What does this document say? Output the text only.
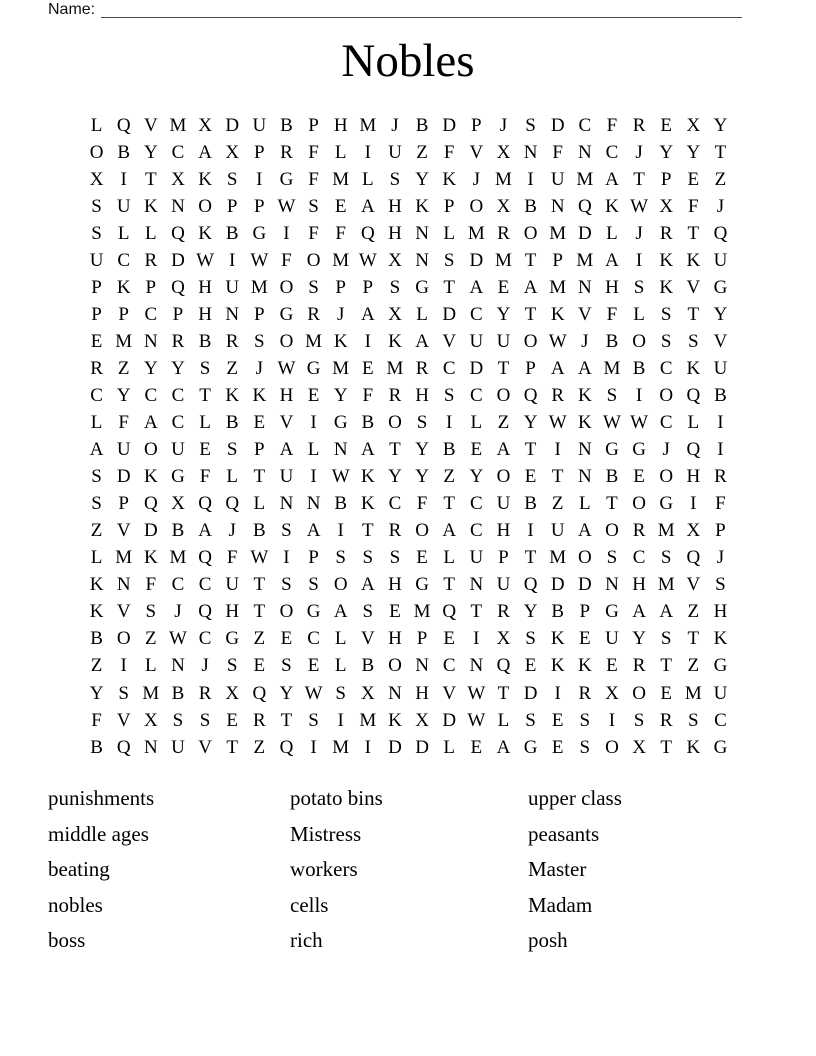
Name:
Nobles
L Q V M X D U B P H M J B D P J S D C F R E X Y
O B Y C A X P R F L I U Z F V X N F N C J Y Y T
X I T X K S I G F M L S Y K J M I U M A T P E Z
S U K N O P P W S E A H K P O X B N Q K W X F J
S L L Q K B G I F F Q H N L M R O M D L J R T Q
U C R D W I W F O M W X N S D M T P M A I K K U
P K P Q H U M O S P P S G T A E A M N H S K V G
P P C P H N P G R J A X L D C Y T K V F L S T Y
E M N R B R S O M K I K A V U U O W J B O S S V
R Z Y Y S Z J W G M E M R C D T P A A M B C K U
C Y C C T K K H E Y F R H S C O Q R K S I O Q B
L F A C L B E V I G B O S I L Z Y W K W W C L I
A U O U E S P A L N A T Y B E A T I N G G J Q I
S D K G F L T U I W K Y Y Z Y O E T N B E O H R
S P Q X Q Q L N N B K C F T C U B Z L T O G I F
Z V D B A J B S A I T R O A C H I U A O R M X P
L M K M Q F W I P S S S E L U P T M O S C S Q J
K N F C C U T S S O A H G T N U Q D D N H M V S
K V S J Q H T O G A S E M Q T R Y B P G A A Z H
B O Z W C G Z E C L V H P E I X S K E U Y S T K
Z I L N J S E S E L B O N C N Q E K K E R T Z G
Y S M B R X Q Y W S X N H V W T D I R X O E M U
F V X S S E R T S I M K X D W L S E S I S R S C
B Q N U V T Z Q I M I D D L E A G E S O X T K G
punishments
middle ages
beating
nobles
boss
potato bins
Mistress
workers
cells
rich
upper class
peasants
Master
Madam
posh
